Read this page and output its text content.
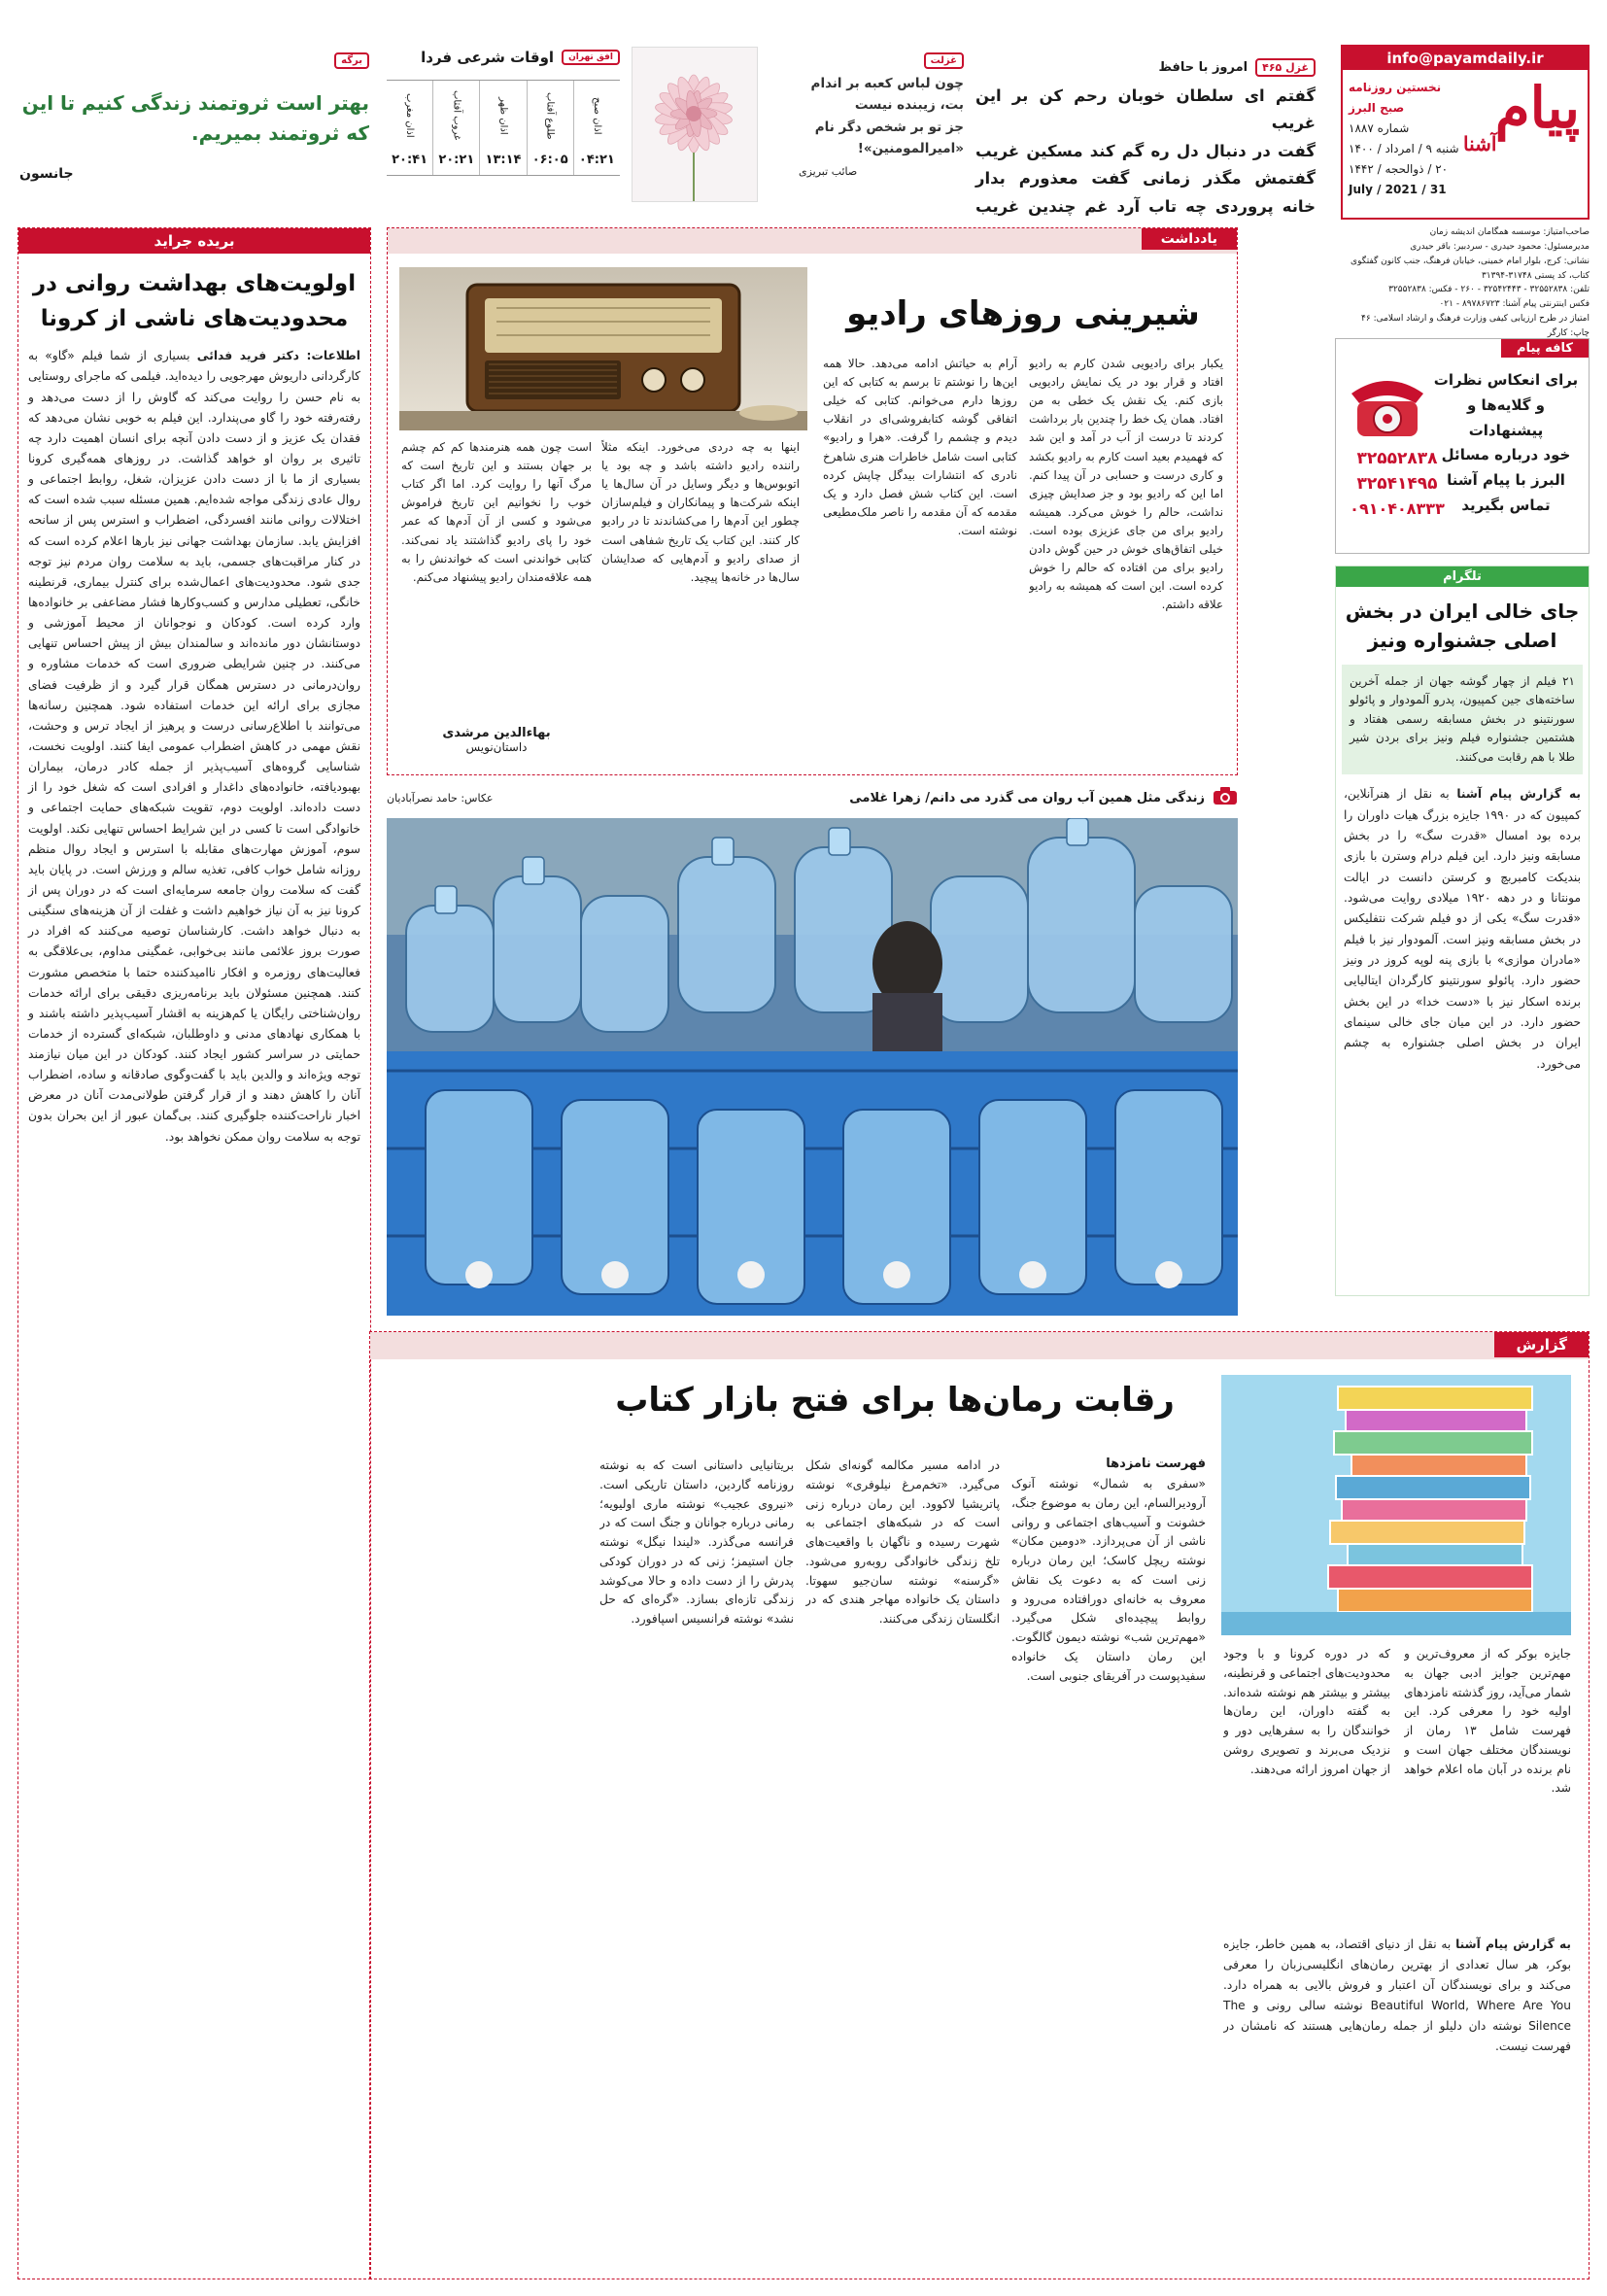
info@payamdaily.ir
پیام
آشنا
نخستین روزنامه صبح البرز
شماره ۱۸۸۷
شنبه ۹ / امرداد / ۱۴۰۰
۲۰ / ذوالحجه / ۱۴۴۲
31 / July / 2021
صاحب‌امتیاز: موسسه همگامان اندیشه زمان
مدیرمسئول: محمود حیدری - سردبیر: باقر حیدری
نشانی: کرج، بلوار امام خمینی، خیابان فرهنگ، جنب کانون گفتگوی کتاب، کد پستی ۳۱۷۴۸-۳۱۳۹۴
تلفن: ۳۲۵۵۲۸۳۸ - ۳۲۵۴۲۴۴۳ - ۲۶۰ - فکس: ۳۲۵۵۲۸۳۸
فکس اینترنتی پیام آشنا: ۸۹۷۸۶۷۲۳ - ۰۲۱
امتیاز در طرح ارزیابی کیفی وزارت فرهنگ و ارشاد اسلامی: ۴۶
چاپ: کارگر
غزل ۴۶۵
امروز با حافظ
گفتم ای سلطان خوبان رحم کن بر این غریب
گفت در دنبال دل ره گم کند مسکین غریب
گفتمش مگذر زمانی گفت معذورم بدار
خانه پروردی چه تاب آرد غم چندین غریب
غزلت
چون لباس کعبه بر اندام
بت، زیبنده نیست
جز تو بر شخص دگر نام
«امیرالمومنین»!
صائب تبریزی
افق تهران
اوقات شرعی فردا
اذان صبح
۰۴:۲۱
طلوع آفتاب
۰۶:۰۵
اذان ظهر
۱۳:۱۴
غروب آفتاب
۲۰:۲۱
اذان مغرب
۲۰:۴۱
برگه
بهتر است ثروتمند زندگی کنیم تا این که ثروتمند بمیریم.
جانسون
بریده جراید
اولویت‌های بهداشت روانی در محدودیت‌های ناشی از کرونا
اطلاعات: دکتر فرید فدائی بسیاری از شما فیلم «گاو» به کارگردانی داریوش مهرجویی را دیده‌اید. فیلمی که ماجرای روستایی به نام حسن را روایت می‌کند که گاوش را از دست می‌دهد و رفته‌رفته خود را گاو می‌پندارد. این فیلم به خوبی نشان می‌دهد که فقدان یک عزیز و از دست دادن آنچه برای انسان اهمیت دارد چه تاثیری بر روان او خواهد گذاشت. در روزهای همه‌گیری کرونا بسیاری از ما با از دست دادن عزیزان، شغل، روابط اجتماعی و روال عادی زندگی مواجه شده‌ایم. همین مسئله سبب شده است که اختلالات روانی مانند افسردگی، اضطراب و استرس پس از سانحه افزایش یابد. سازمان بهداشت جهانی نیز بارها اعلام کرده است که در کنار مراقبت‌های جسمی، باید به سلامت روان مردم نیز توجه جدی شود. محدودیت‌های اعمال‌شده برای کنترل بیماری، قرنطینه خانگی، تعطیلی مدارس و کسب‌وکارها فشار مضاعفی بر خانواده‌ها وارد کرده است. کودکان و نوجوانان از محیط آموزشی و دوستانشان دور مانده‌اند و سالمندان بیش از پیش احساس تنهایی می‌کنند. در چنین شرایطی ضروری است که خدمات مشاوره و روان‌درمانی در دسترس همگان قرار گیرد و از ظرفیت فضای مجازی برای ارائه این خدمات استفاده شود. همچنین رسانه‌ها می‌توانند با اطلاع‌رسانی درست و پرهیز از ایجاد ترس و وحشت، نقش مهمی در کاهش اضطراب عمومی ایفا کنند. اولویت نخست، شناسایی گروه‌های آسیب‌پذیر از جمله کادر درمان، بیماران بهبودیافته، خانواده‌های داغدار و افرادی است که شغل خود را از دست داده‌اند. اولویت دوم، تقویت شبکه‌های حمایت اجتماعی و خانوادگی است تا کسی در این شرایط احساس تنهایی نکند. اولویت سوم، آموزش مهارت‌های مقابله با استرس و ایجاد روال منظم روزانه شامل خواب کافی، تغذیه سالم و ورزش است. در پایان باید گفت که سلامت روان جامعه سرمایه‌ای است که در دوران پس از کرونا نیز به آن نیاز خواهیم داشت و غفلت از آن هزینه‌های سنگینی به دنبال خواهد داشت. کارشناسان توصیه می‌کنند که افراد در صورت بروز علائمی مانند بی‌خوابی، غمگینی مداوم، بی‌علاقگی به فعالیت‌های روزمره و افکار ناامیدکننده حتما با متخصص مشورت کنند. همچنین مسئولان باید برنامه‌ریزی دقیقی برای ارائه خدمات روان‌شناختی رایگان یا کم‌هزینه به اقشار آسیب‌پذیر داشته باشند و با همکاری نهادهای مدنی و داوطلبان، شبکه‌ای گسترده از خدمات حمایتی در سراسر کشور ایجاد کنند. کودکان در این میان نیازمند توجه ویژه‌اند و والدین باید با گفت‌وگوی صادقانه و ساده، اضطراب آنان را کاهش دهند و از قرار گرفتن طولانی‌مدت آنان در معرض اخبار ناراحت‌کننده جلوگیری کنند. بی‌گمان عبور از این بحران بدون توجه به سلامت روان ممکن نخواهد بود.
یادداشت
شیرینی روزهای رادیو
یکبار برای رادیویی شدن کارم به رادیو افتاد و قرار بود در یک نمایش رادیویی بازی کنم. یک نقش یک خطی به من افتاد. همان یک خط را چندین بار برداشت کردند تا درست از آب در آمد و این شد که فهمیدم بعید است کارم به رادیو بکشد و کاری درست و حسابی در آن پیدا کنم. اما این که رادیو بود و جز صدایش چیزی نداشت، حالم را خوش می‌کرد. همیشه رادیو برای من جای عزیزی بوده است. خیلی اتفاق‌های خوش در حین گوش دادن رادیو برای من افتاده که حالم را خوش کرده است. این است که همیشه به رادیو علاقه داشتم.
آرام به حیاتش ادامه می‌دهد. حالا همه این‌ها را نوشتم تا برسم به کتابی که این روزها دارم می‌خوانم. کتابی که خیلی اتفاقی گوشه کتابفروشی‌ای در انقلاب دیدم و چشمم را گرفت. «هرا و رادیو» کتابی است شامل خاطرات هنری شاهرخ نادری که انتشارات بیدگل چاپش کرده است. این کتاب شش فصل دارد و یک مقدمه که آن مقدمه را ناصر ملک‌مطیعی نوشته است.
اینها به چه دردی می‌خورد. اینکه مثلاً راننده رادیو داشته باشد و چه بود یا اتوبوس‌ها و دیگر وسایل در آن سال‌ها یا اینکه شرکت‌ها و پیمانکاران و فیلم‌سازان چطور این آدم‌ها را می‌کشاندند تا در رادیو کار کنند. این کتاب یک تاریخ شفاهی است از صدای رادیو و آدم‌هایی که صدایشان سال‌ها در خانه‌ها پیچید.
است چون همه هنرمندها کم کم چشم بر جهان بستند و این تاریخ است که مرگ آنها را روایت کرد. اما اگر کتاب خوب را نخوانیم این تاریخ فراموش می‌شود و کسی از آن آدم‌ها که عمر خود را پای رادیو گذاشتند یاد نمی‌کند. کتابی خواندنی است که خواندنش را به همه علاقه‌مندان رادیو پیشنهاد می‌کنم.
بهاءالدین مرشدی
داستان‌نویس
زندگی مثل همین آب روان می گذرد می دانم/ زهرا غلامی
عکاس: حامد نصرآبادیان
کافه پیام
برای انعکاس نظرات
و گلایه‌ها و پیشنهادات
خود درباره مسائل
البرز با پیام آشنا
تماس بگیرید
۳۲۵۵۲۸۳۸
۳۲۵۴۱۴۹۵
۰۹۱۰۴۰۸۳۳۳
تلگرام
جای خالی ایران در بخش اصلی جشنواره ونیز
۲۱ فیلم از چهار گوشه جهان از جمله آخرین ساخته‌های جین کمپیون، پدرو آلمودوار و پائولو سورنتینو در بخش مسابقه رسمی هفتاد و هشتمین جشنواره فیلم ونیز برای بردن شیر طلا با هم رقابت می‌کنند.
به گزارش پیام آشنا به نقل از هنرآنلاین، کمپیون که در ۱۹۹۰ جایزه بزرگ هیات داوران را برده بود امسال «قدرت سگ» را در بخش مسابقه ونیز دارد. این فیلم درام وسترن با بازی بندیکت کامبربچ و کرستن دانست در ایالت مونتانا و در دهه ۱۹۲۰ میلادی روایت می‌شود. «قدرت سگ» یکی از دو فیلم شرکت نتفلیکس در بخش مسابقه ونیز است. آلمودوار نیز با فیلم «مادران موازی» با بازی پنه لوپه کروز در ونیز حضور دارد. پائولو سورنتینو کارگردان ایتالیایی برنده اسکار نیز با «دست خدا» در این بخش حضور دارد. در این میان جای خالی سینمای ایران در بخش اصلی جشنواره به چشم می‌خورد.
گزارش
رقابت رمان‌ها برای فتح بازار کتاب
فهرست نامزدها
«سفری به شمال» نوشته آنوک آرودیرالسام، این رمان به موضوع جنگ، خشونت و آسیب‌های اجتماعی و روانی ناشی از آن می‌پردازد. «دومین مکان» نوشته ریچل کاسک؛ این رمان درباره زنی است که به دعوت یک نقاش معروف به خانه‌ای دورافتاده می‌رود و روابط پیچیده‌ای شکل می‌گیرد. «مهم‌ترین شب» نوشته دیمون گالگوت. این رمان داستان یک خانواده سفیدپوست در آفریقای جنوبی است.
در ادامه مسیر مکالمه گونه‌ای شکل می‌گیرد. «تخم‌مرغ نیلوفری» نوشته پاتریشیا لاکوود. این رمان درباره زنی است که در شبکه‌های اجتماعی به شهرت رسیده و ناگهان با واقعیت‌های تلخ زندگی خانوادگی روبه‌رو می‌شود. «گرسنه» نوشته سان‌جیو سهوتا. داستان یک خانواده مهاجر هندی که در انگلستان زندگی می‌کنند.
بریتانیایی داستانی است که به نوشته روزنامه گاردین، داستان تاریکی است. «نیروی عجیب» نوشته ماری اولیویه؛ رمانی درباره جوانان و جنگ است که در فرانسه می‌گذرد. «لیندا نیگل» نوشته جان استیمز؛ زنی که در دوران کودکی پدرش را از دست داده و حالا می‌کوشد زندگی تازه‌ای بسازد. «گره‌ای که حل نشد» نوشته فرانسیس اسپافورد.
جایزه بوکر که از معروف‌ترین و مهم‌ترین جوایز ادبی جهان به شمار می‌آید، روز گذشته نامزدهای اولیه خود را معرفی کرد. این فهرست شامل ۱۳ رمان از نویسندگان مختلف جهان است و نام برنده در آبان ماه اعلام خواهد شد.
که در دوره کرونا و با وجود محدودیت‌های اجتماعی و قرنطینه، بیشتر و بیشتر هم نوشته شده‌اند. به گفته داوران، این رمان‌ها خوانندگان را به سفرهایی دور و نزدیک می‌برند و تصویری روشن از جهان امروز ارائه می‌دهند.
به گزارش پیام آشنا به نقل از دنیای اقتصاد، به همین خاطر، جایزه بوکر، هر سال تعدادی از بهترین رمان‌های انگلیسی‌زبان را معرفی می‌کند و برای نویسندگان آن اعتبار و فروش بالایی به همراه دارد. Beautiful World, Where Are You نوشته سالی رونی و The Silence نوشته دان دلیلو از جمله رمان‌هایی هستند که نامشان در فهرست نیست.
